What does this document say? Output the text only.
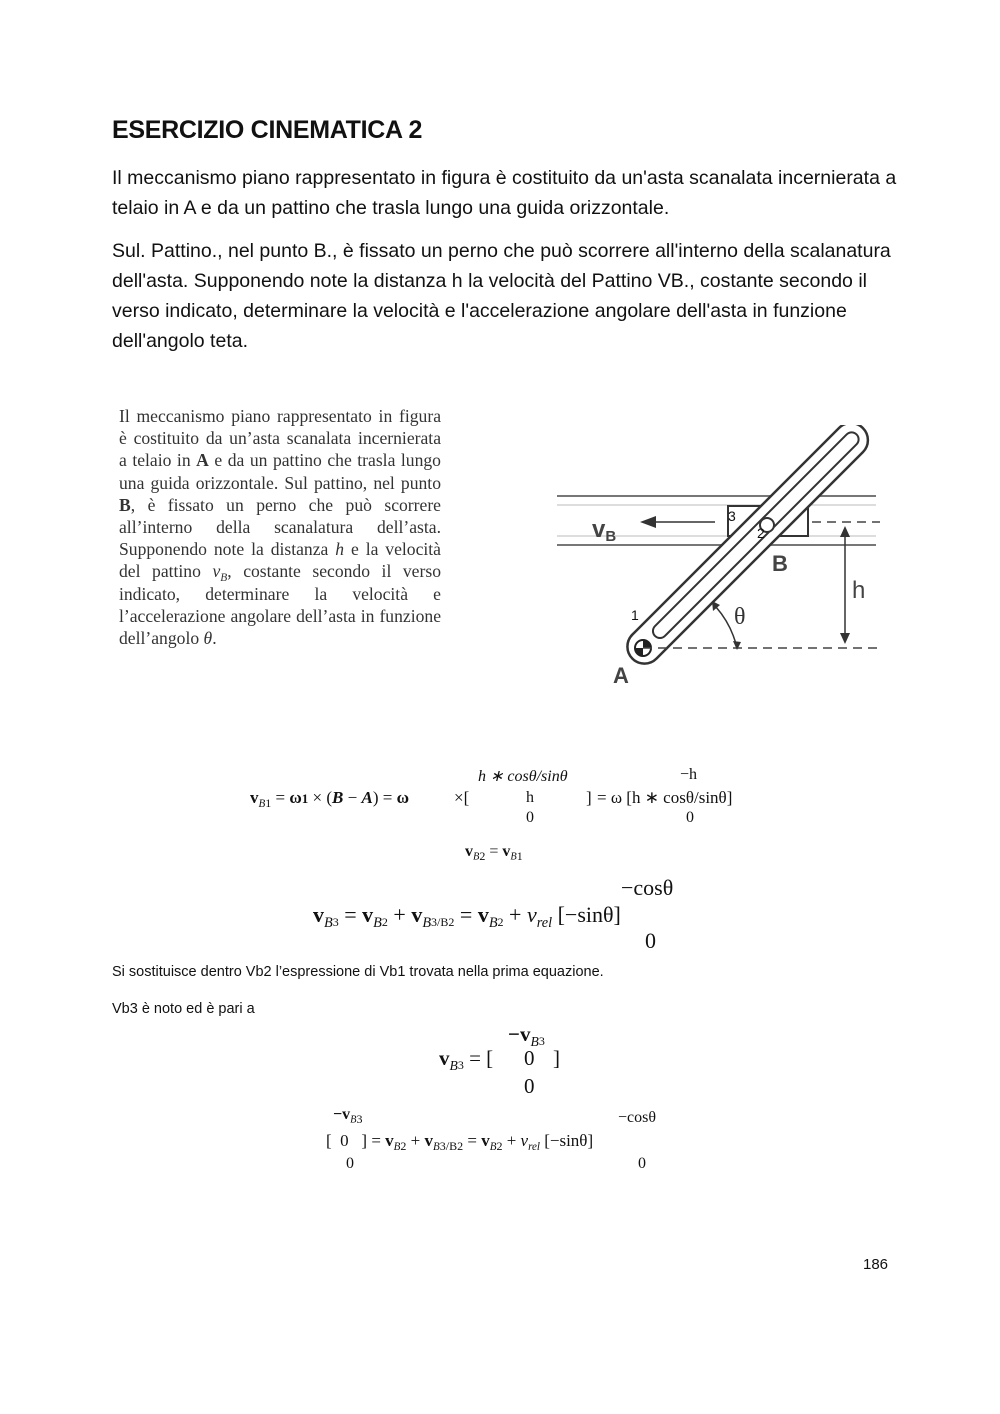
ESERCIZIO CINEMATICA 2
Il meccanismo piano rappresentato in figura è costituito da un'asta scanalata incernierata a telaio in A e da un pattino che trasla lungo una guida orizzontale.
Sul. Pattino., nel punto B., è fissato un perno che può scorrere all'interno della scalanatura dell'asta. Supponendo note la distanza h la velocità del Pattino VB., costante secondo il verso indicato, determinare la velocità e l'accelerazione angolare dell'asta in funzione dell'angolo teta.

Il meccanismo piano rappresentato in figura è costituito da un’asta scanalata incernierata a telaio in A e da un pattino che trasla lungo una guida orizzontale. Sul pattino, nel punto B, è fissato un perno che può scorrere all’interno della scanalatura dell’asta. Supponendo note la distanza h e la velocità del pattino $v_B$, costante secondo il verso indicato, determinare la velocità e l’accelerazione angolare dell’asta in funzione dell’angolo θ.

vB
B
A
h
θ
1
2
3
h ∗ cosθ/sinθ	−h
$v_{B1} = \omega 1 \times (B - A) = \omega$	×[	h	] = ω [h ∗ cosθ/sinθ]
0	0
$v_{B2} = v_{B1}$
−cosθ
$v_{B3} = v_{B2} + v_{B3/B2} = v_{B2} + v_{rel}$ [−sinθ]
0
Si sostituisce dentro Vb2 l’espressione di Vb1 trovata nella prima equazione.
Vb3 è noto ed è pari a
$-v_{B3}$
$v_{B3}$ = [ 0 ]
0
$-v_{B3}$	−cosθ
[ 0 ] = $v_{B2} + v_{B3/B2} = v_{B2} + v_{rel}$ [−sinθ]
0	0
186
